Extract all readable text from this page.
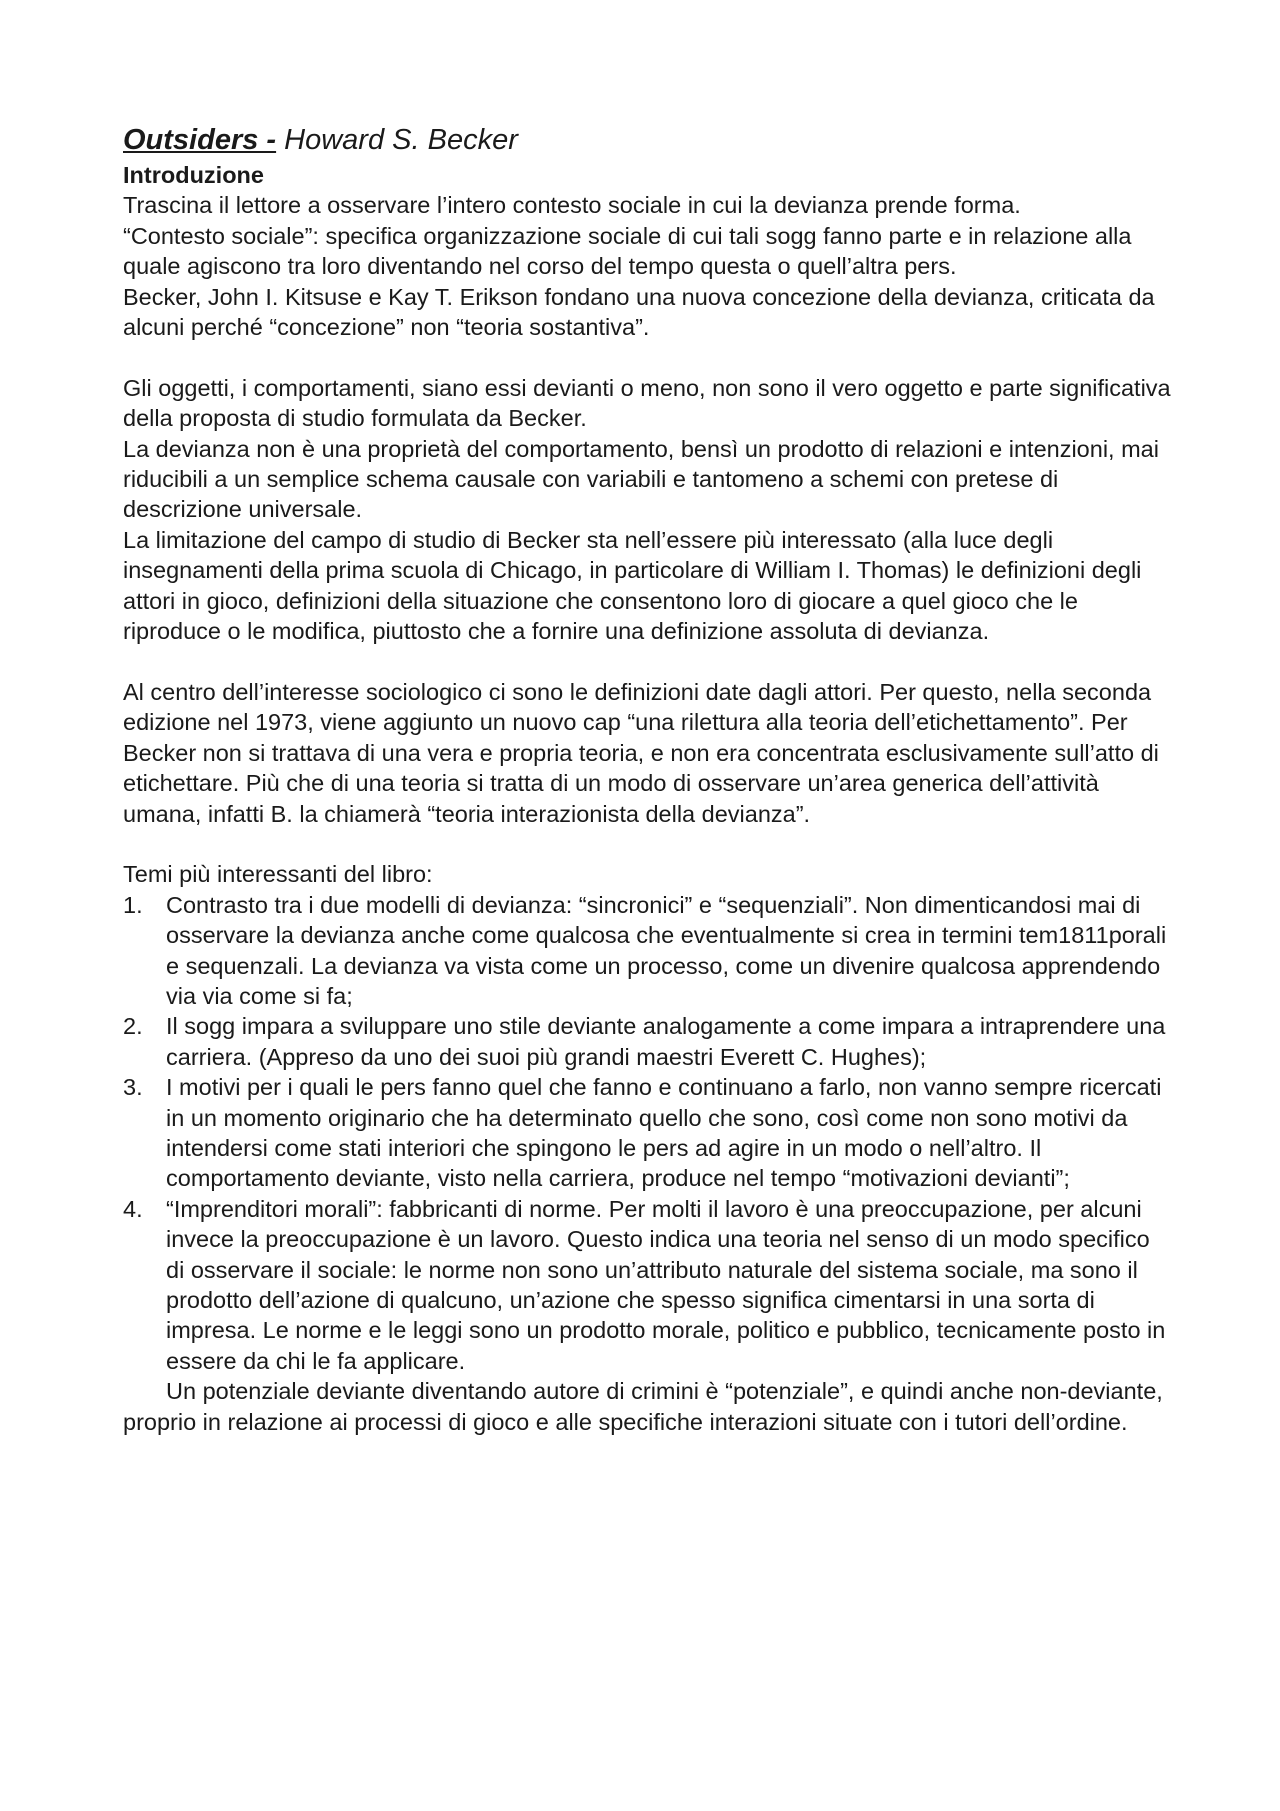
Outsiders - Howard S. Becker
Introduzione

Trascina il lettore a osservare l’intero contesto sociale in cui la devianza prende forma.

“Contesto sociale”: specifica organizzazione sociale di cui tali sogg fanno parte e in relazione alla quale agiscono tra loro diventando nel corso del tempo questa o quell’altra pers.

Becker, John I. Kitsuse e Kay T. Erikson fondano una nuova concezione della devianza, criticata da alcuni perché “concezione” non “teoria sostantiva”.

Gli oggetti, i comportamenti, siano essi devianti o meno, non sono il vero oggetto e parte significativa della proposta di studio formulata da Becker.

La devianza non è una proprietà del comportamento, bensì un prodotto di relazioni e intenzioni, mai riducibili a un semplice schema causale con variabili e tantomeno a schemi con pretese di descrizione universale.

La limitazione del campo di studio di Becker sta nell’essere più interessato (alla luce degli insegnamenti della prima scuola di Chicago, in particolare di William I. Thomas) le definizioni degli attori in gioco, definizioni della situazione che consentono loro di giocare a quel gioco che le riproduce o le modifica, piuttosto che a fornire una definizione assoluta di devianza.

Al centro dell’interesse sociologico ci sono le definizioni date dagli attori. Per questo, nella seconda edizione nel 1973, viene aggiunto un nuovo cap “una rilettura alla teoria dell’etichettamento”. Per Becker non si trattava di una vera e propria teoria, e non era concentrata esclusivamente sull’atto di etichettare. Più che di una teoria si tratta di un modo di osservare un’area generica dell’attività umana, infatti B. la chiamerà “teoria interazionista della devianza”.

Temi più interessanti del libro:

1. Contrasto tra i due modelli di devianza: “sincronici” e “sequenziali”. Non dimenticandosi mai di osservare la devianza anche come qualcosa che eventualmente si crea in termini tem1811porali e sequenzali. La devianza va vista come un processo, come un divenire qualcosa apprendendo via via come si fa;
2. Il sogg impara a sviluppare uno stile deviante analogamente a come impara a intraprendere una carriera. (Appreso da uno dei suoi più grandi maestri Everett C. Hughes);
3. I motivi per i quali le pers fanno quel che fanno e continuano a farlo, non vanno sempre ricercati in un momento originario che ha determinato quello che sono, così come non sono motivi da intendersi come stati interiori che spingono le pers ad agire in un modo o nell’altro. Il comportamento deviante, visto nella carriera, produce nel tempo “motivazioni devianti”;
4. “Imprenditori morali”: fabbricanti di norme. Per molti il lavoro è una preoccupazione, per alcuni invece la preoccupazione è un lavoro. Questo indica una teoria nel senso di un modo specifico di osservare il sociale: le norme non sono un’attributo naturale del sistema sociale, ma sono il prodotto dell’azione di qualcuno, un’azione che spesso significa cimentarsi in una sorta di impresa. Le norme e le leggi sono un prodotto morale, politico e pubblico, tecnicamente posto in essere da chi le fa applicare.

Un potenziale deviante diventando autore di crimini è “potenziale”, e quindi anche non-deviante, proprio in relazione ai processi di gioco e alle specifiche interazioni situate con i tutori dell’ordine.
